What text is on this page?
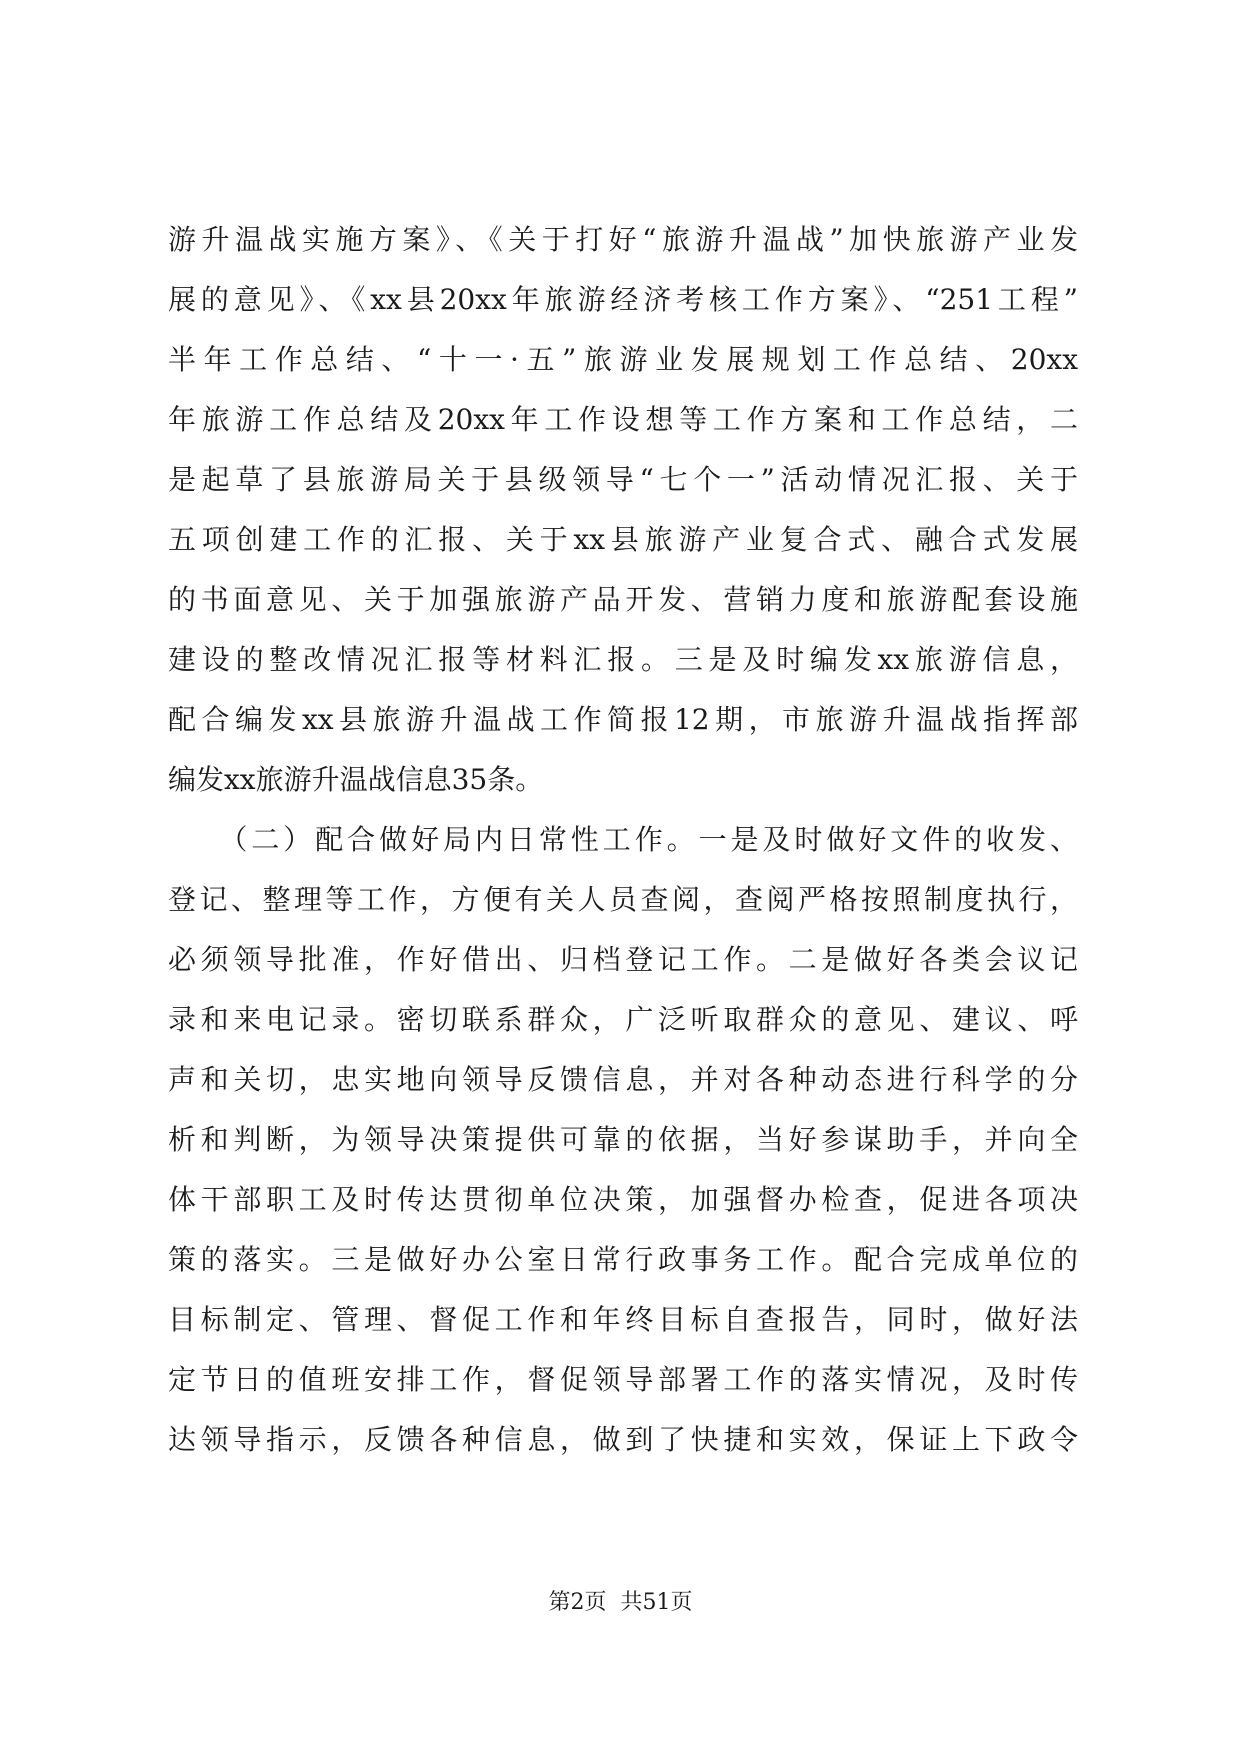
游升温战实施方案》、《关于打好“旅游升温战”加快旅游产业发
展的意见》、《xx县20xx年旅游经济考核工作方案》、“251工程”
半年工作总结、“十一·五”旅游业发展规划工作总结、20xx
年旅游工作总结及20xx年工作设想等工作方案和工作总结，二
是起草了县旅游局关于县级领导“七个一”活动情况汇报、关于
五项创建工作的汇报、关于xx县旅游产业复合式、融合式发展
的书面意见、关于加强旅游产品开发、营销力度和旅游配套设施
建设的整改情况汇报等材料汇报。三是及时编发xx旅游信息，
配合编发xx县旅游升温战工作简报12期，市旅游升温战指挥部
编发xx旅游升温战信息35条。
（二）配合做好局内日常性工作。一是及时做好文件的收发、
登记、整理等工作，方便有关人员查阅，查阅严格按照制度执行，
必须领导批准，作好借出、归档登记工作。二是做好各类会议记
录和来电记录。密切联系群众，广泛听取群众的意见、建议、呼
声和关切，忠实地向领导反馈信息，并对各种动态进行科学的分
析和判断，为领导决策提供可靠的依据，当好参谋助手，并向全
体干部职工及时传达贯彻单位决策，加强督办检查，促进各项决
策的落实。三是做好办公室日常行政事务工作。配合完成单位的
目标制定、管理、督促工作和年终目标自查报告，同时，做好法
定节日的值班安排工作，督促领导部署工作的落实情况，及时传
达领导指示，反馈各种信息，做到了快捷和实效，保证上下政令
第2页  共51页
